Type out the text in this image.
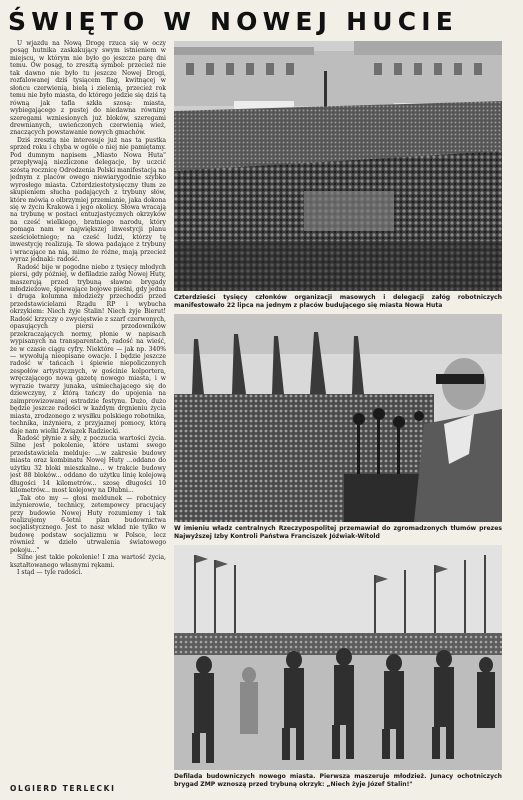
ŚWIĘTO W NOWEJ HUCIE

U wjazdu na Nową Drogę rzuca się w oczy posąg hutnika zaskakujący swym istnieniem w miejscu, w którym nie było go jeszcze parę dni temu. Ów posąg, to zresztą symbol: przecież nie tak dawno nie było tu jeszcze Nowej Drogi, rozfalowanej dziś tysiącem flag, kwitnącej w słońcu czerwienią, bielą i zielenią, przecież rok temu nie było miasta, do którego jedzie się dziś tą równą jak tafla szkła szosą: miasta, wybiegającego z pustej do niedawna równiny szeregami wzniesionych już bloków, szeregami drewnianych, uwieńczonych czerwienią wież, znaczących powstawanie nowych gmachów.

Dziś zresztą nie interesuje już nas ta pustka sprzed roku i chyba w ogóle o niej nie pamiętamy. Pod dumnym napisem „Miasto Nowa Huta" przepływają niezliczone delegacje, by uczcić szóstą rocznicę Odrodzenia Polski manifestacją na jednym z placów owego niewiarygodnie szybko wyrosłego miasta. Czterdziestotysięczny tłum ze skupieniem słucha padających z trybuny słów, które mówią o olbrzymiej przemianie, jaka dokona się w życiu Krakowa i jego okolicy. Słowa wracają na trybunę w postaci entuzjastycznych okrzyków na cześć wielkiego, bratniego narodu, który pomaga nam w największej inwestycji planu sześcioletniego; na cześć ludzi, którzy tę inwestycję realizują. Te słowa padające z trybuny i wracające na nią, mimo że różne, mają przecież wyraz jednaki: radość.

Radość bije w pogodne niebo z tysięcy młodych piersi, gdy później, w defiladzie załóg Nowej Huty, maszerują przed trybuną sławne brygady młodzieżowe, śpiewające bojowe pieśni, gdy jedna i druga kolumna młodzieży przechodzi przed przedstawicielami Rządu RP i wybucha okrzykiem: Niech żyje Stalin! Niech żyje Bierut! Radość krzyczy o zwycięstwie z szarf czerwonych, opasujących piersi przodowników przekraczających normy, płonie w napisach wypisanych na transparentach, radość na wieść, że w czasie ciągu cyfry. Niektóre — jak np. 340% — wywołują nieopisane owacje. I będzie jeszcze radość w tańcach i śpiewie niepoliczonych zespołów artystycznych, w gościnie kolportera, wręczającego nową gazetę nowego miasta, i w wyrazie twarzy junaka, uśmiechającego się do dziewczyny, z którą tańczy do upojenia na zaimprowizowanej estradzie festynu. Dużo, dużo będzie jeszcze radości w każdym drgnieniu życia miasta, zrodzonego z wysiłku polskiego robotnika, technika, inżyniera, z przyjaznej pomocy, którą daje nam wielki Związek Radziecki.

Radość płynie z siły, z poczucia wartości życia. Silne jest pokolenie, które ustami swego przedstawiciela melduje: ...w zakresie budowy miasta oraz kombinatu Nowej Huty ...oddano do użytku 32 bloki mieszkalne... w trakcie budowy jest 88 bloków... oddano do użytku linię kolejową długości 14 kilometrów... szosę długości 10 kilometrów... most kolejowy na Dłubni...

„Tak oto my — głosi meldunek — robotnicy inżynierowie, technicy, zetempowcy pracujący przy budowie Nowej Huty rozumiemy i tak realizujemy 6-letni plan budownictwa socjalistycznego. Jest to nasz wkład nie tylko w budowę podstaw socjalizmu w Polsce, lecz również w dzieło utrwalenia światowego pokoju..."

Silne jest takie pokolenie! I zna wartość życia, kształtowanego własnymi rękami.

I stąd — tyle radości.

OLGIERD TERLECKI
Czterdzieści tysięcy członków organizacji masowych i delegacji załóg robotniczych manifestowało 22 lipca na jednym z placów budującego się miasta Nowa Huta
W imieniu władz centralnych Rzeczypospolitej przemawiał do zgromadzonych tłumów prezes Najwyższej Izby Kontroli Państwa Franciszek Jóźwiak-Witold
Defilada budowniczych nowego miasta. Pierwsza maszeruje młodzież. Junacy ochotniczych brygad ZMP wznoszą przed trybuną okrzyk: „Niech żyje Józef Stalin!"
